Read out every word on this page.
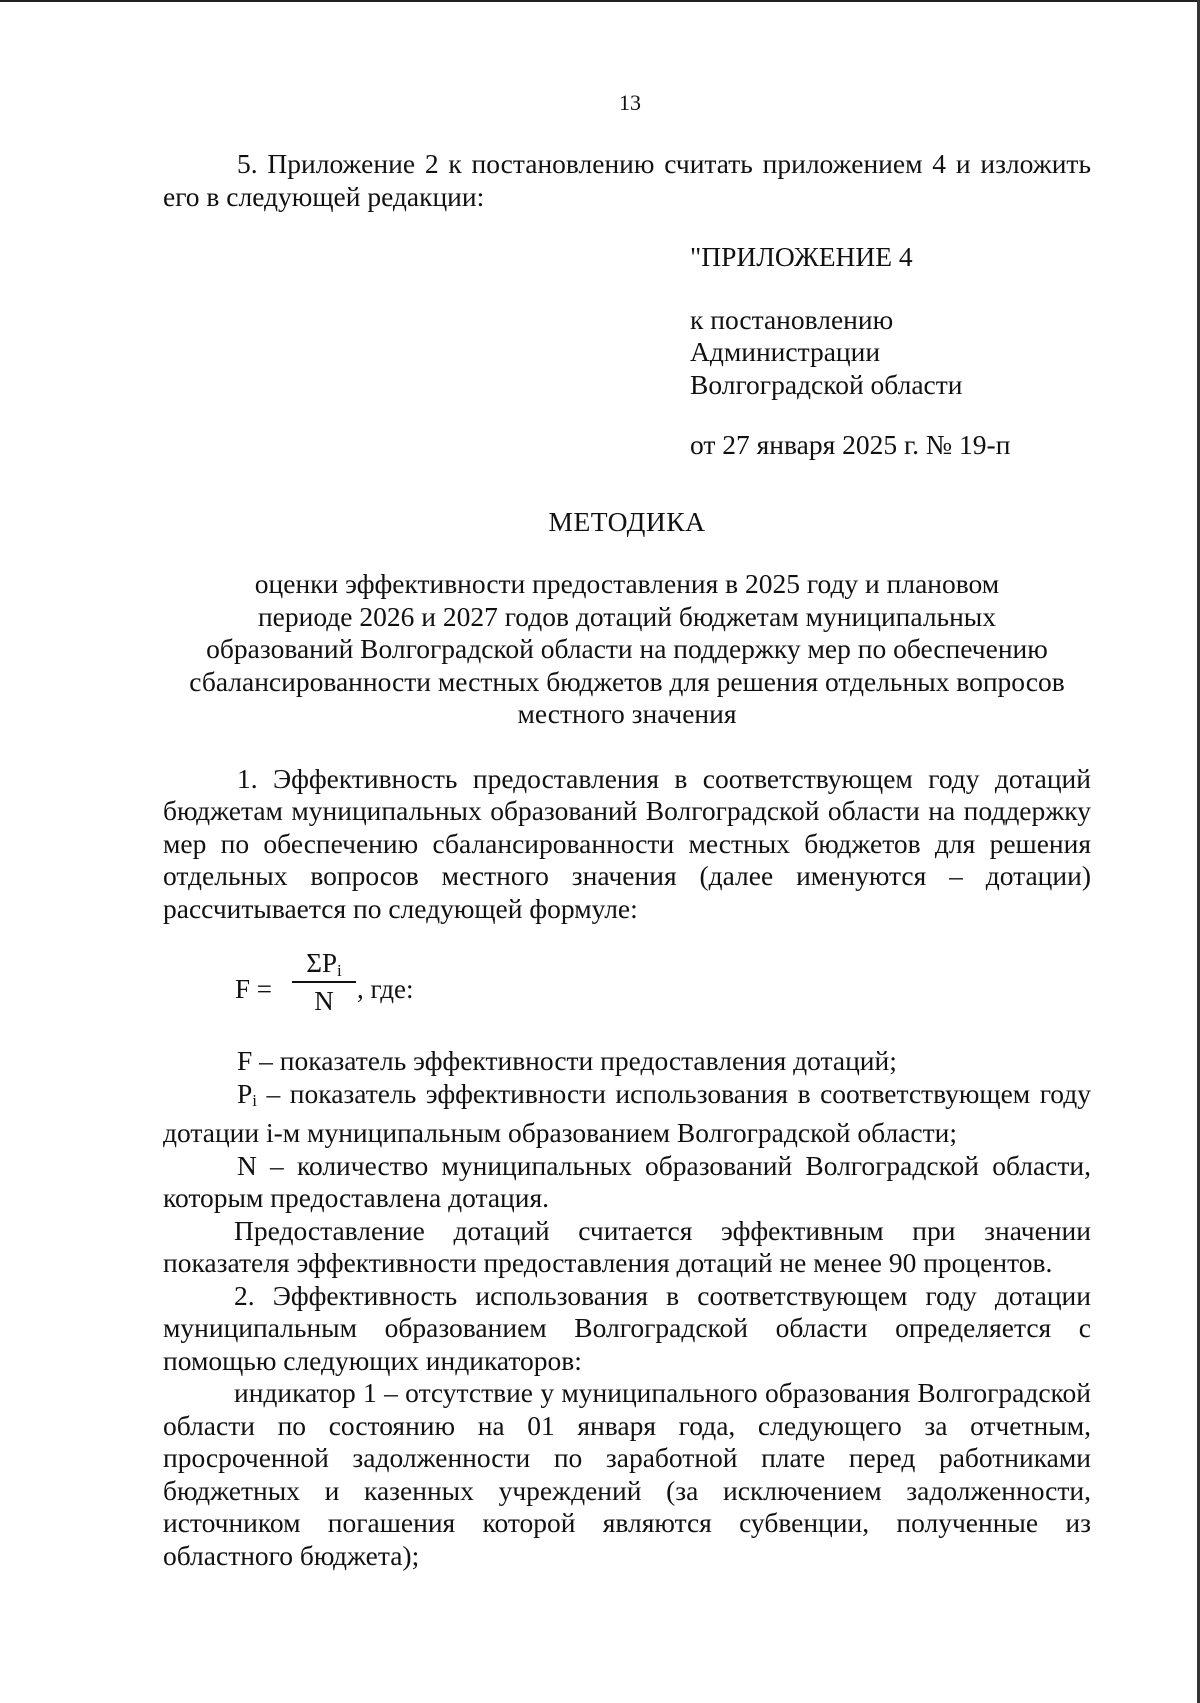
13

5. Приложение 2 к постановлению считать приложением 4 и изложить его в следующей редакции:

"ПРИЛОЖЕНИЕ 4
к постановлению
Администрации
Волгоградской области
от 27 января 2025 г. № 19-п
МЕТОДИКА
оценки эффективности предоставления в 2025 году и плановом
периоде 2026 и 2027 годов дотаций бюджетам муниципальных
образований Волгоградской области на поддержку мер по обеспечению
сбалансированности местных бюджетов для решения отдельных вопросов
местного значения

1. Эффективность предоставления в соответствующем году дотаций бюджетам муниципальных образований Волгоградской области на поддержку мер по обеспечению сбалансированности местных бюджетов для решения отдельных вопросов местного значения (далее именуются – дотации) рассчитывается по следующей формуле:

F =
$\Sigma P_i$
N , где:

F – показатель эффективности предоставления дотаций;

$P_i$ – показатель эффективности использования в соответствующем году дотации i-м муниципальным образованием Волгоградской области;

N – количество муниципальных образований Волгоградской области, которым предоставлена дотация.

Предоставление дотаций считается эффективным при значении показателя эффективности предоставления дотаций не менее 90 процентов.

2. Эффективность использования в соответствующем году дотации муниципальным образованием Волгоградской области определяется с помощью следующих индикаторов:

индикатор 1 – отсутствие у муниципального образования Волгоградской области по состоянию на 01 января года, следующего за отчетным, просроченной задолженности по заработной плате перед работниками бюджетных и казенных учреждений (за исключением задолженности, источником погашения которой являются субвенции, полученные из областного бюджета);
